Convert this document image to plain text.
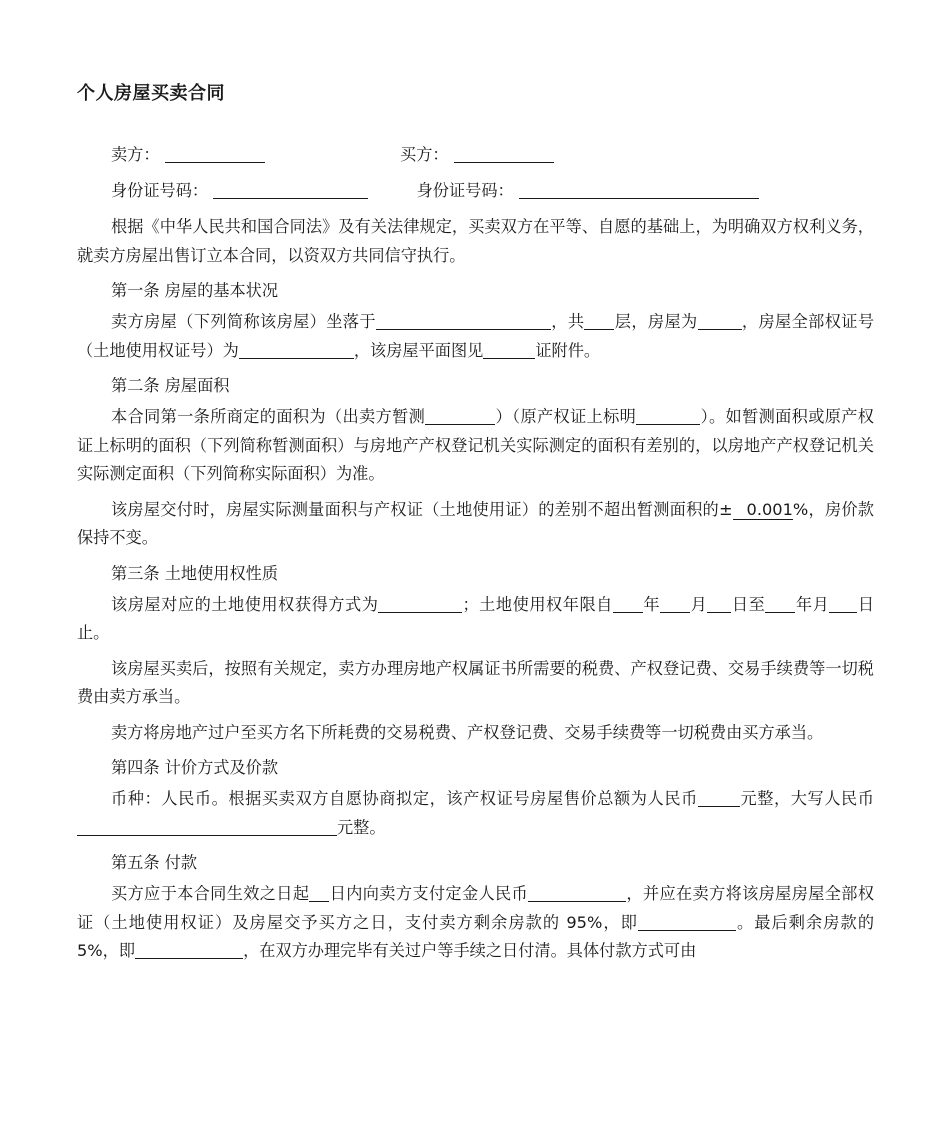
个人房屋买卖合同
卖方：	买方：
身份证号码：	身份证号码：
根据《中华人民共和国合同法》及有关法律规定，买卖双方在平等、自愿的基础上，为明确双方权利义务，就卖方房屋出售订立本合同，以资双方共同信守执行。
第一条 房屋的基本状况
卖方房屋（下列简称该房屋）坐落于	，共 层，房屋为	，房屋全部权证号（土地使用权证号）为	，该房屋平面图见	证附件。
第二条 房屋面积
本合同第一条所商定的面积为（出卖方暂测	）（原产权证上标明	）。如暂测面积或原产权证上标明的面积（下列简称暂测面积）与房地产产权登记机关实际测定的面积有差别的，以房地产产权登记机关实际测定面积（下列简称实际面积）为准。
该房屋交付时，房屋实际测量面积与产权证（土地使用证）的差别不超出暂测面积的± 0.001%，房价款保持不变。
第三条 土地使用权性质
该房屋对应的土地使用权获得方式为	；土地使用权年限自 年 月 日至 年月 日止。
该房屋买卖后，按照有关规定，卖方办理房地产权属证书所需要的税费、产权登记费、交易手续费等一切税费由卖方承当。
卖方将房地产过户至买方名下所耗费的交易税费、产权登记费、交易手续费等一切税费由买方承当。
第四条 计价方式及价款
币种：人民币。根据买卖双方自愿协商拟定，该产权证号房屋售价总额为人民币	元整，大写人民币元整。
第五条 付款
买方应于本合同生效之日起 日内向卖方支付定金人民币	，并应在卖方将该房屋房屋全部权证（土地使用权证）及房屋交予买方之日，支付卖方剩余房款的 95%，即	。最后剩余房款的 5%，即	，在双方办理完毕有关过户等手续之日付清。具体付款方式可由
